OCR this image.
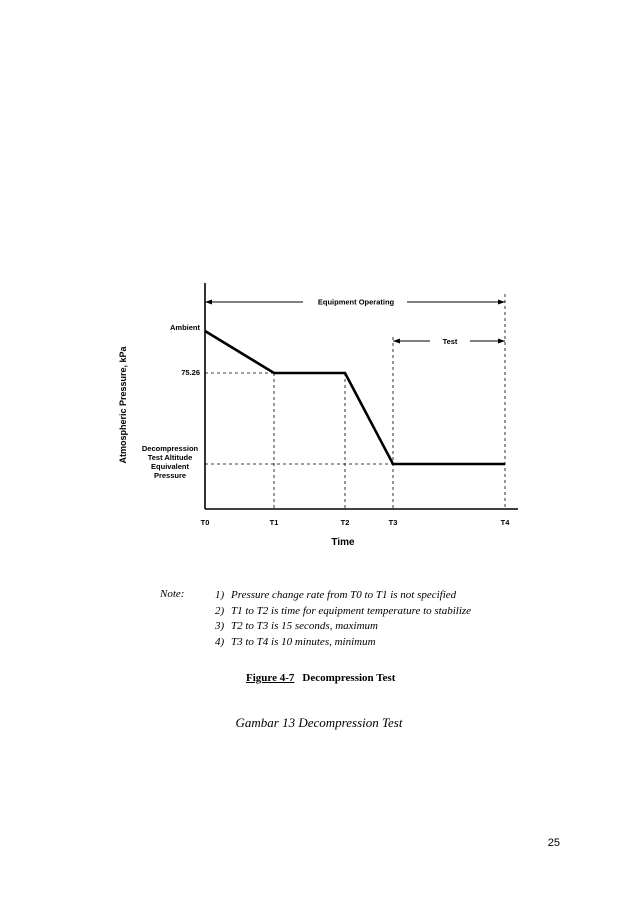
T0	T1	T2	T3	T4
Ambient
75.26
Decompression Test Altitude Equivalent Pressure
Time
Atmospheric Pressure, kPa
Equipment Operating
Test
Note:	1) Pressure change rate from T0 to T1 is not specified
2) T1 to T2 is time for equipment temperature to stabilize
3) T2 to T3 is 15 seconds, maximum
4) T3 to T4 is 10 minutes, minimum
Figure 4-7 Decompression Test
Gambar 13 Decompression Test
25
